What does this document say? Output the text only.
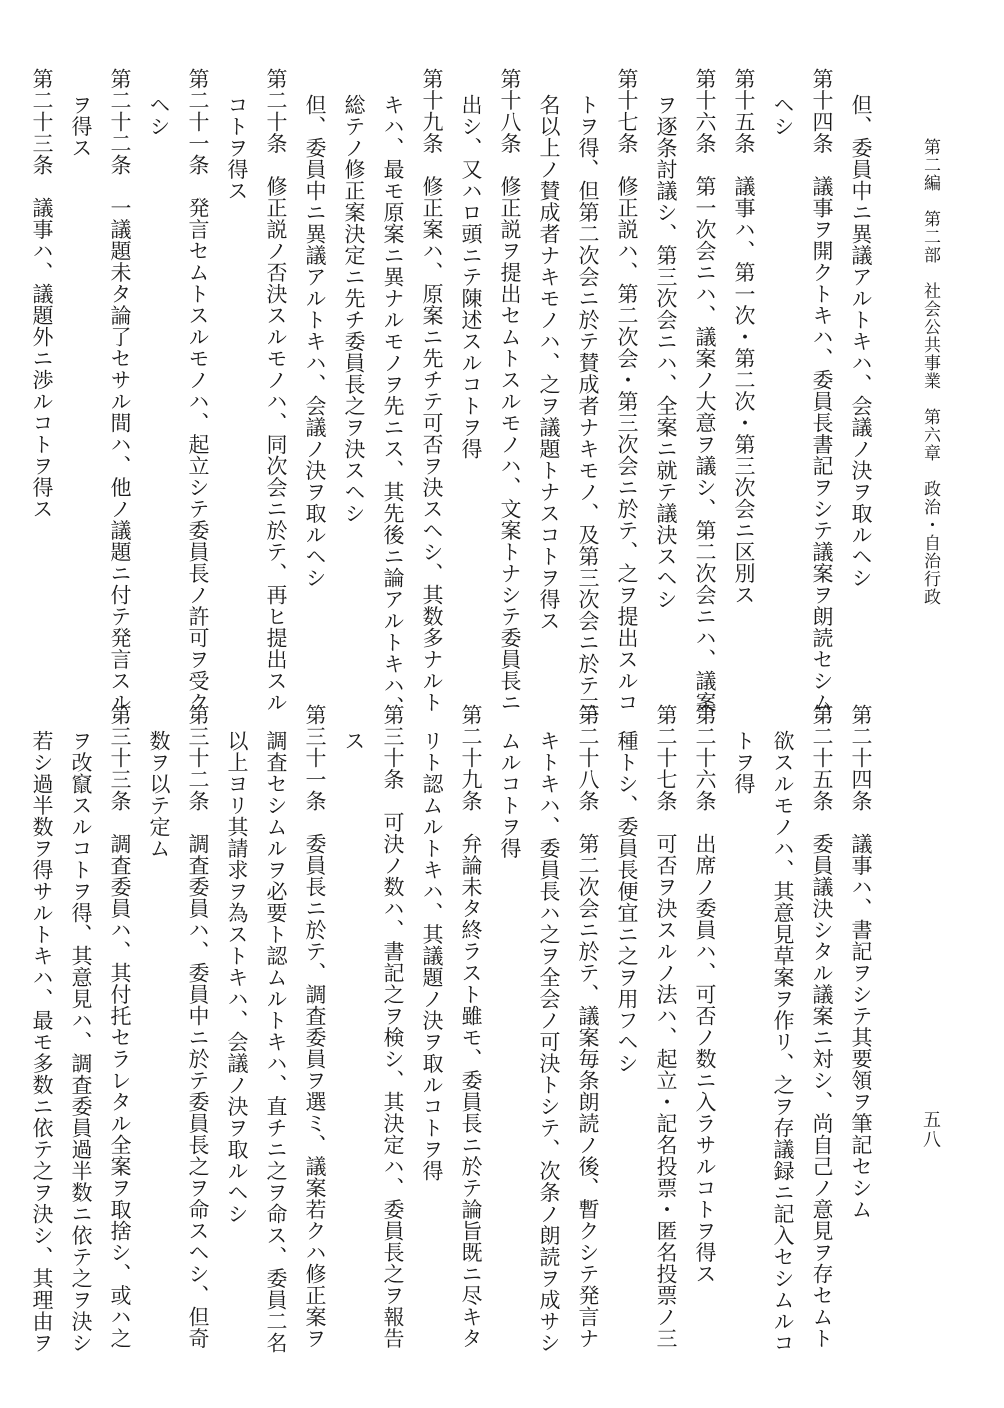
第二編　第二部　社会公共事業　第六章　政治・自治行政
五八
但、委員中ニ異議アルトキハ、会議ノ決ヲ取ルヘシ
第十四条　議事ヲ開クトキハ、委員長書記ヲシテ議案ヲ朗読セシム
ヘシ
第十五条　議事ハ、第一次・第二次・第三次会ニ区別ス
第十六条　第一次会ニハ、議案ノ大意ヲ議シ、第二次会ニハ、議案
ヲ逐条討議シ、第三次会ニハ、全案ニ就テ議決スヘシ
第十七条　修正説ハ、第二次会・第三次会ニ於テ、之ヲ提出スルコ
トヲ得、但第二次会ニ於テ賛成者ナキモノ、及第三次会ニ於テ三
名以上ノ賛成者ナキモノハ、之ヲ議題トナスコトヲ得ス
第十八条　修正説ヲ提出セムトスルモノハ、文案トナシテ委員長ニ
出シ、又ハロ頭ニテ陳述スルコトヲ得
第十九条　修正案ハ、原案ニ先チテ可否ヲ決スヘシ、其数多ナルト
キハ、最モ原案ニ異ナルモノヲ先ニス、其先後ニ論アルトキハ、
総テノ修正案決定ニ先チ委員長之ヲ決スヘシ
但、委員中ニ異議アルトキハ、会議ノ決ヲ取ルヘシ
第二十条　修正説ノ否決スルモノハ、同次会ニ於テ、再ヒ提出スル
コトヲ得ス
第二十一条　発言セムトスルモノハ、起立シテ委員長ノ許可ヲ受ク
ヘシ
第二十二条　一議題未タ論了セサル間ハ、他ノ議題ニ付テ発言スル
ヲ得ス
第二十三条　議事ハ、議題外ニ渉ルコトヲ得ス
第二十四条　議事ハ、書記ヲシテ其要領ヲ筆記セシム
第二十五条　委員議決シタル議案ニ対シ、尚自己ノ意見ヲ存セムト
欲スルモノハ、其意見草案ヲ作リ、之ヲ存議録ニ記入セシムルコ
トヲ得
第二十六条　出席ノ委員ハ、可否ノ数ニ入ラサルコトヲ得ス
第二十七条　可否ヲ決スルノ法ハ、起立・記名投票・匿名投票ノ三
種トシ、委員長便宜ニ之ヲ用フヘシ
第二十八条　第二次会ニ於テ、議案毎条朗読ノ後、暫クシテ発言ナ
キトキハ、委員長ハ之ヲ全会ノ可決トシテ、次条ノ朗読ヲ成サシ
ムルコトヲ得
第二十九条　弁論未タ終ラスト雖モ、委員長ニ於テ論旨既ニ尽キタ
リト認ムルトキハ、其議題ノ決ヲ取ルコトヲ得
第三十条　可決ノ数ハ、書記之ヲ検シ、其決定ハ、委員長之ヲ報告
ス
第三十一条　委員長ニ於テ、調査委員ヲ選ミ、議案若クハ修正案ヲ
調査セシムルヲ必要ト認ムルトキハ、直チニ之ヲ命ス、委員二名
以上ヨリ其請求ヲ為ストキハ、会議ノ決ヲ取ルヘシ
第三十二条　調査委員ハ、委員中ニ於テ委員長之ヲ命スヘシ、但奇
数ヲ以テ定ム
第三十三条　調査委員ハ、其付托セラレタル全案ヲ取捨シ、或ハ之
ヲ改竄スルコトヲ得、其意見ハ、調査委員過半数ニ依テ之ヲ決シ
若シ過半数ヲ得サルトキハ、最モ多数ニ依テ之ヲ決シ、其理由ヲ
